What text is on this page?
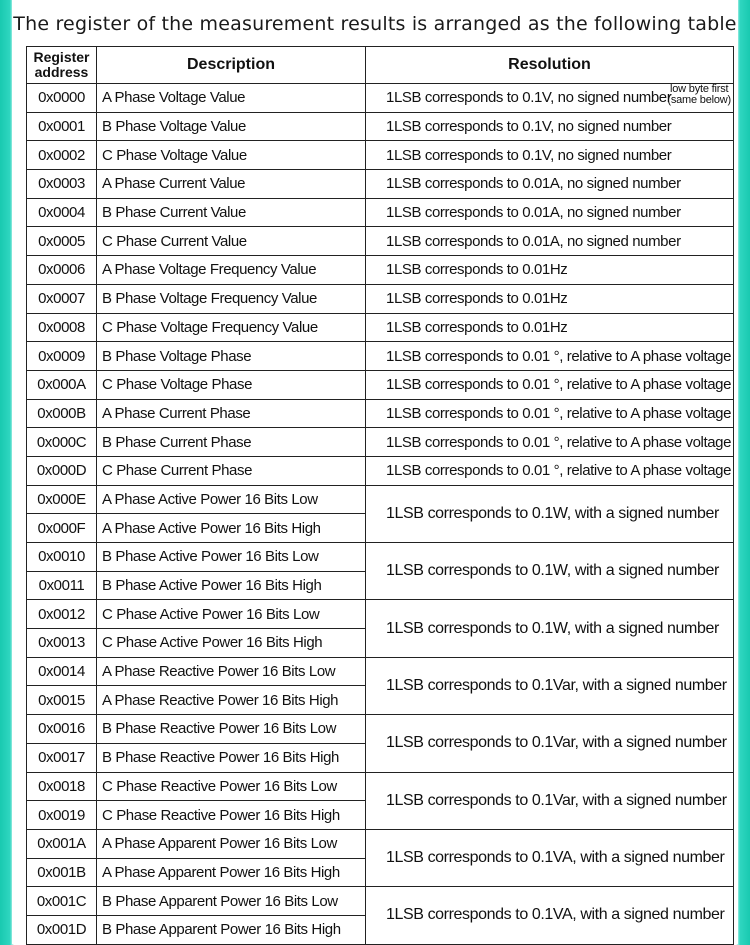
The register of the measurement results is arranged as the following table
Register
address	Description	Resolution
0x0000	A Phase Voltage Value	1LSB corresponds to 0.1V, no signed number
low byte first
(same below)

0x0001	B Phase Voltage Value	1LSB corresponds to 0.1V, no signed number
0x0002	C Phase Voltage Value	1LSB corresponds to 0.1V, no signed number
0x0003	A Phase Current Value	1LSB corresponds to 0.01A, no signed number
0x0004	B Phase Current Value	1LSB corresponds to 0.01A, no signed number
0x0005	C Phase Current Value	1LSB corresponds to 0.01A, no signed number
0x0006	A Phase Voltage Frequency Value	1LSB corresponds to 0.01Hz
0x0007	B Phase Voltage Frequency Value	1LSB corresponds to 0.01Hz
0x0008	C Phase Voltage Frequency Value	1LSB corresponds to 0.01Hz
0x0009	B Phase Voltage Phase	1LSB corresponds to 0.01 °, relative to A phase voltage
0x000A	C Phase Voltage Phase	1LSB corresponds to 0.01 °, relative to A phase voltage
0x000B	A Phase Current Phase	1LSB corresponds to 0.01 °, relative to A phase voltage
0x000C	B Phase Current Phase	1LSB corresponds to 0.01 °, relative to A phase voltage
0x000D	C Phase Current Phase	1LSB corresponds to 0.01 °, relative to A phase voltage
0x000E	A Phase Active Power 16 Bits Low	1LSB corresponds to 0.1W, with a signed number
0x000F	A Phase Active Power 16 Bits High	
0x0010	B Phase Active Power 16 Bits Low	1LSB corresponds to 0.1W, with a signed number
0x0011	B Phase Active Power 16 Bits High	
0x0012	C Phase Active Power 16 Bits Low	1LSB corresponds to 0.1W, with a signed number
0x0013	C Phase Active Power 16 Bits High	
0x0014	A Phase Reactive Power 16 Bits Low	1LSB corresponds to 0.1Var, with a signed number
0x0015	A Phase Reactive Power 16 Bits High	
0x0016	B Phase Reactive Power 16 Bits Low	1LSB corresponds to 0.1Var, with a signed number
0x0017	B Phase Reactive Power 16 Bits High	
0x0018	C Phase Reactive Power 16 Bits Low	1LSB corresponds to 0.1Var, with a signed number
0x0019	C Phase Reactive Power 16 Bits High	
0x001A	A Phase Apparent Power 16 Bits Low	1LSB corresponds to 0.1VA, with a signed number
0x001B	A Phase Apparent Power 16 Bits High	
0x001C	B Phase Apparent Power 16 Bits Low	1LSB corresponds to 0.1VA, with a signed number
0x001D	B Phase Apparent Power 16 Bits High	
